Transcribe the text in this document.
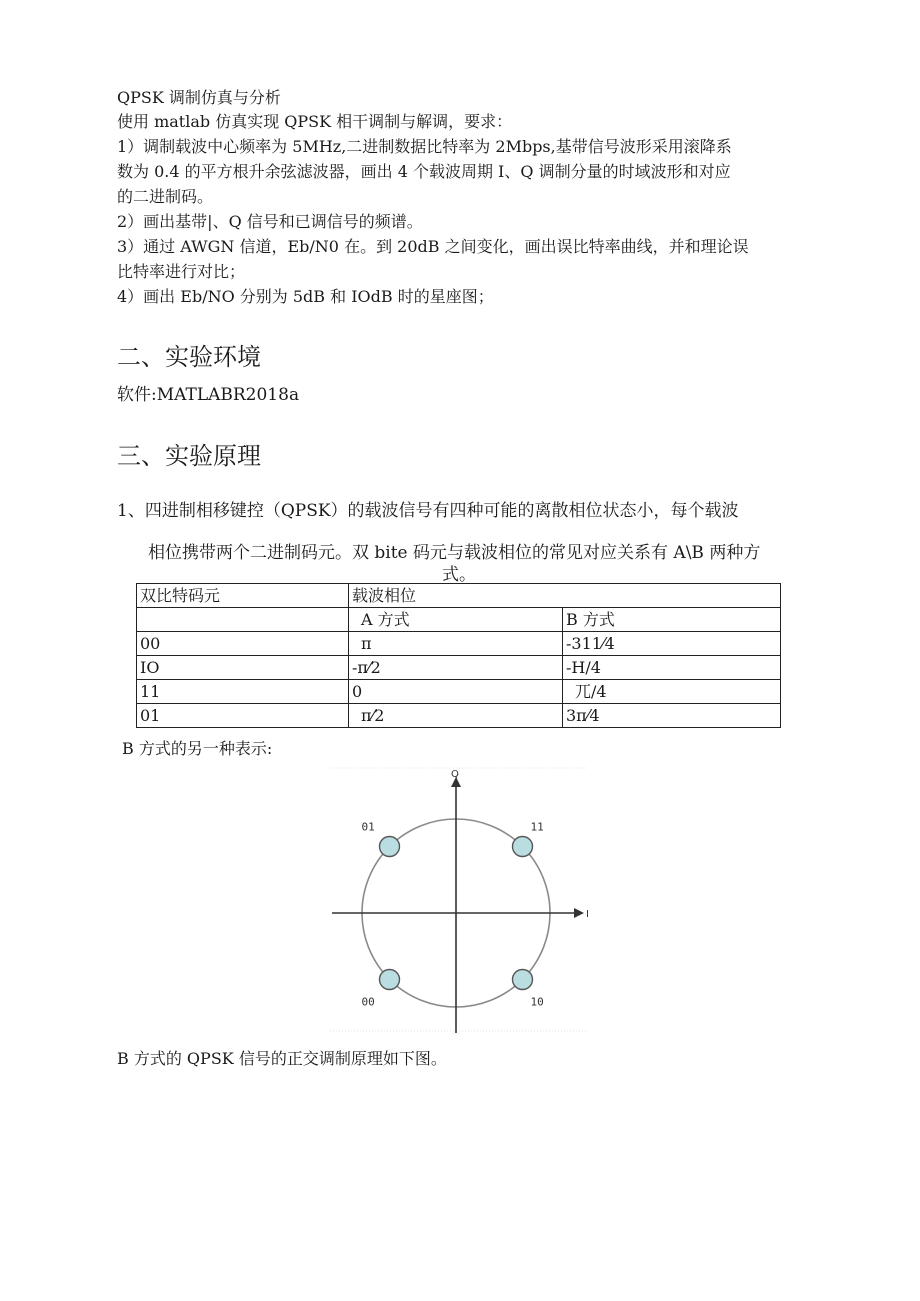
QPSK 调制仿真与分析
使用 matlab 仿真实现 QPSK 相干调制与解调，要求：
1）调制载波中心频率为 5MHz,二进制数据比特率为 2Mbps,基带信号波形采用滚降系
数为 0.4 的平方根升余弦滤波器，画出 4 个载波周期 I、Q 调制分量的时域波形和对应
的二进制码。
2）画出基带|、Q 信号和已调信号的频谱。
3）通过 AWGN 信道，Eb/N0 在。到 20dB 之间变化，画出误比特率曲线，并和理论误
比特率进行对比；
4）画出 Eb/NO 分别为 5dB 和 IOdB 时的星座图；
二、实验环境
软件:MATLABR2018a
三、实验原理
1、四进制相移键控（QPSK）的载波信号有四种可能的离散相位状态小，每个载波
相位携带两个二进制码元。双 bite 码元与载波相位的常见对应关系有 A\B 两种方
式。
双比特码元	载波相位	
	A 方式	B 方式
00	π	-311⁄4
IO	-π⁄2	-H/4
11	0	兀/4
01	π⁄2	3π⁄4
B 方式的另一种表示:
Q
I
01	11
00	10
B 方式的 QPSK 信号的正交调制原理如下图。
